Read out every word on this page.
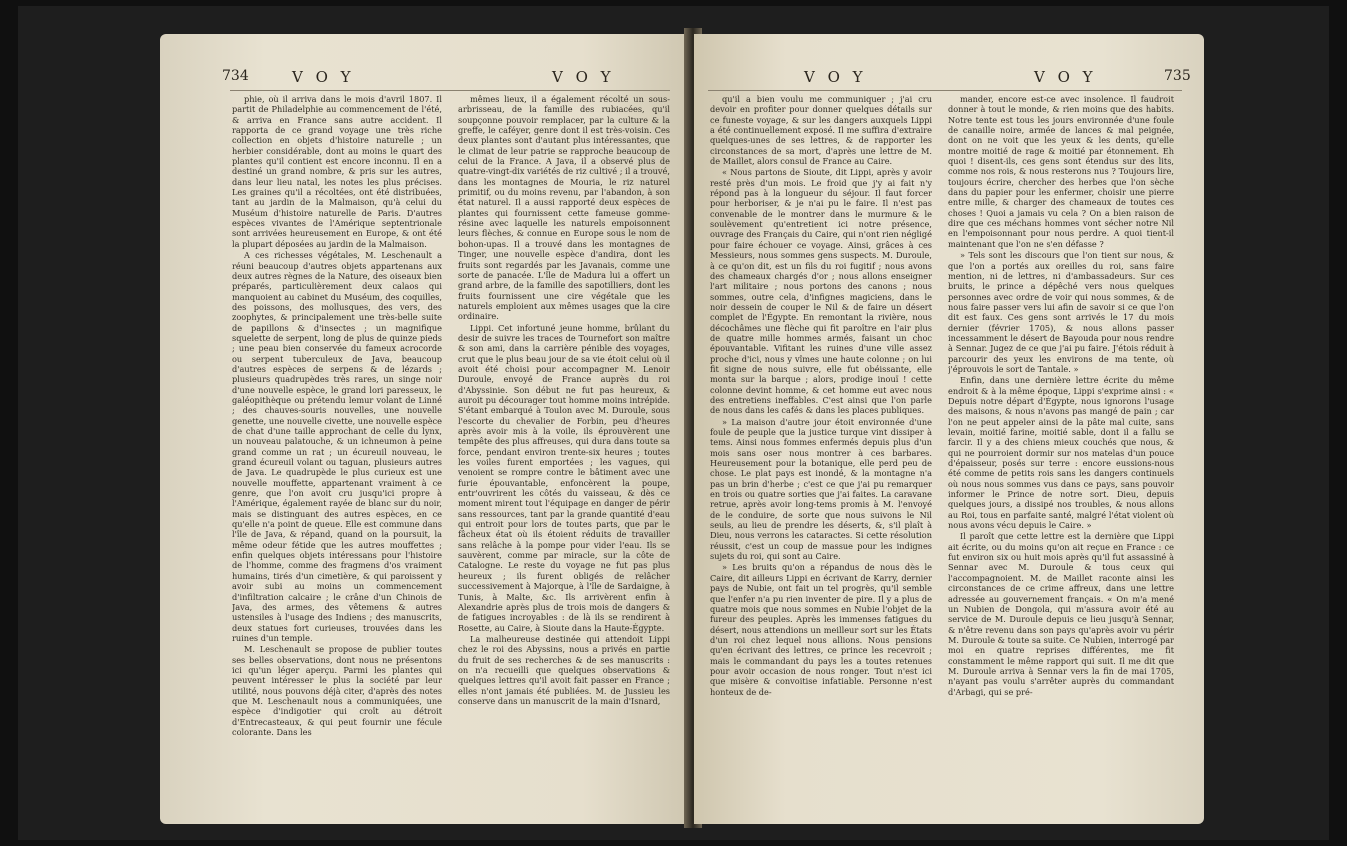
734	V O Y	V O Y

phie, où il arriva dans le mois d'avril 1807. Il partit de Philadelphie au commencement de l'été, & arriva en France sans autre accident. Il rapporta de ce grand voyage une très riche collection en objets d'histoire naturelle ; un herbier considérable, dont au moins le quart des plantes qu'il contient est encore inconnu. Il en a destiné un grand nombre, & pris sur les autres, dans leur lieu natal, les notes les plus précises. Les graines qu'il a récoltées, ont été distribuées, tant au jardin de la Malmaison, qu'à celui du Muséum d'histoire naturelle de Paris. D'autres espèces vivantes de l'Amérique septentrionale sont arrivées heureusement en Europe, & ont été la plupart déposées au jardin de la Malmaison.

A ces richesses végétales, M. Leschenault a réuni beaucoup d'autres objets appartenans aux deux autres règnes de la Nature, des oiseaux bien préparés, particulièrement deux calaos qui manquoient au cabinet du Muséum, des coquilles, des poissons, des mollusques, des vers, des zoophytes, & principalement une très-belle suite de papillons & d'insectes ; un magnifique squelette de serpent, long de plus de quinze pieds ; une peau bien conservée du fameux acrocorde ou serpent tuberculeux de Java, beaucoup d'autres espèces de serpens & de lézards ; plusieurs quadrupèdes très rares, un singe noir d'une nouvelle espèce, le grand lori paresseux, le galéopithèque ou prétendu lemur volant de Linné ; des chauves-souris nouvelles, une nouvelle genette, une nouvelle civette, une nouvelle espèce de chat d'une taille approchant de celle du lynx, un nouveau palatouche, & un ichneumon à peine grand comme un rat ; un écureuil nouveau, le grand écureuil volant ou taguan, plusieurs autres de Java. Le quadrupède le plus curieux est une nouvelle mouffette, appartenant vraiment à ce genre, que l'on avoit cru jusqu'ici propre à l'Amérique, également rayée de blanc sur du noir, mais se distinguant des autres espèces, en ce qu'elle n'a point de queue. Elle est commune dans l'île de Java, & répand, quand on la poursuit, la même odeur fétide que les autres mouffettes ; enfin quelques objets intéressans pour l'histoire de l'homme, comme des fragmens d'os vraiment humains, tirés d'un cimetière, & qui paroissent y avoir subi au moins un commencement d'infiltration calcaire ; le crâne d'un Chinois de Java, des armes, des vêtemens & autres ustensiles à l'usage des Indiens ; des manuscrits, deux statues fort curieuses, trouvées dans les ruines d'un temple.

M. Leschenault se propose de publier toutes ses belles observations, dont nous ne présentons ici qu'un léger aperçu. Parmi les plantes qui peuvent intéresser le plus la société par leur utilité, nous pouvons déjà citer, d'après des notes que M. Leschenault nous a communiquées, une espèce d'indigotier qui croît au détroit d'Entrecasteaux, & qui peut fournir une fécule colorante. Dans les

mêmes lieux, il a également récolté un sous-arbrisseau, de la famille des rubiacées, qu'il soupçonne pouvoir remplacer, par la culture & la greffe, le caféyer, genre dont il est très-voisin. Ces deux plantes sont d'autant plus intéressantes, que le climat de leur patrie se rapproche beaucoup de celui de la France. A Java, il a observé plus de quatre-vingt-dix variétés de riz cultivé ; il a trouvé, dans les montagnes de Mouria, le riz naturel primitif, ou du moins revenu, par l'abandon, à son état naturel. Il a aussi rapporté deux espèces de plantes qui fournissent cette fameuse gomme-résine avec laquelle les naturels empoisonnent leurs flèches, & connue en Europe sous le nom de bohon-upas. Il a trouvé dans les montagnes de Tinger, une nouvelle espèce d'andira, dont les fruits sont regardés par les Javanais, comme une sorte de panacée. L'île de Madura lui a offert un grand arbre, de la famille des sapotilliers, dont les fruits fournissent une cire végétale que les naturels emploient aux mêmes usages que la cire ordinaire.

Lippi. Cet infortuné jeune homme, brûlant du desir de suivre les traces de Tournefort son maître & son ami, dans la carrière pénible des voyages, crut que le plus beau jour de sa vie étoit celui où il avoit été choisi pour accompagner M. Lenoir Duroule, envoyé de France auprès du roi d'Abyssinie. Son début ne fut pas heureux, & auroit pu décourager tout homme moins intrépide. S'étant embarqué à Toulon avec M. Duroule, sous l'escorte du chevalier de Forbin, peu d'heures après avoir mis à la voile, ils éprouvèrent une tempête des plus affreuses, qui dura dans toute sa force, pendant environ trente-six heures ; toutes les voiles furent emportées ; les vagues, qui venoient se rompre contre le bâtiment avec une furie épouvantable, enfoncèrent la poupe, entr'ouvrirent les côtés du vaisseau, & dès ce moment mirent tout l'équipage en danger de périr sans ressources, tant par la grande quantité d'eau qui entroit pour lors de toutes parts, que par le fâcheux état où ils étoient réduits de travailler sans relâche à la pompe pour vider l'eau. Ils se sauvèrent, comme par miracle, sur la côte de Catalogne. Le reste du voyage ne fut pas plus heureux ; ils furent obligés de relâcher successivement à Majorque, à l'île de Sardaigne, à Tunis, à Malte, &c. Ils arrivèrent enfin à Alexandrie après plus de trois mois de dangers & de fatigues incroyables : de là ils se rendirent à Rosette, au Caire, à Sioute dans la Haute-Égypte.

La malheureuse destinée qui attendoit Lippi chez le roi des Abyssins, nous a privés en partie du fruit de ses recherches & de ses manuscrits : on n'a recueilli que quelques observations & quelques lettres qu'il avoit fait passer en France ; elles n'ont jamais été publiées. M. de Jussieu les conserve dans un manuscrit de la main d'Isnard,

V O Y	V O Y	735

qu'il a bien voulu me communiquer ; j'ai cru devoir en profiter pour donner quelques détails sur ce funeste voyage, & sur les dangers auxquels Lippi a été continuellement exposé. Il me suffira d'extraire quelques-unes de ses lettres, & de rapporter les circonstances de sa mort, d'après une lettre de M. de Maillet, alors consul de France au Caire.

« Nous partons de Sioute, dit Lippi, après y avoir resté près d'un mois. Le froid que j'y ai fait n'y répond pas à la longueur du séjour. Il faut forcer pour herboriser, & je n'ai pu le faire. Il n'est pas convenable de le montrer dans le murmure & le soulèvement qu'entretient ici notre présence, ouvrage des Français du Caire, qui n'ont rien négligé pour faire échouer ce voyage. Ainsi, grâces à ces Messieurs, nous sommes gens suspects. M. Duroule, à ce qu'on dit, est un fils du roi fugitif ; nous avons des chameaux chargés d'or ; nous allons enseigner l'art militaire ; nous portons des canons ; nous sommes, outre cela, d'infignes magiciens, dans le noir dessein de couper le Nil & de faire un désert complet de l'Égypte. En remontant la rivière, nous décochâmes une flèche qui fit paroître en l'air plus de quatre mille hommes armés, faisant un choc épouvantable. Vifitant les ruines d'une ville assez proche d'ici, nous y vîmes une haute colonne ; on lui fit signe de nous suivre, elle fut obéissante, elle monta sur la barque ; alors, prodige inouï ! cette colonne devint homme, & cet homme eut avec nous des entretiens ineffables. C'est ainsi que l'on parle de nous dans les cafés & dans les places publiques.

» La maison d'autre jour étoit environnée d'une foule de peuple que la justice turque vint dissiper à tems. Ainsi nous fommes enfermés depuis plus d'un mois sans oser nous montrer à ces barbares. Heureusement pour la botanique, elle perd peu de chose. Le plat pays est inondé, & la montagne n'a pas un brin d'herbe ; c'est ce que j'ai pu remarquer en trois ou quatre sorties que j'ai faites. La caravane retrue, après avoir long-tems promis à M. l'envoyé de le conduire, de sorte que nous suivons le Nil seuls, au lieu de prendre les déserts, &, s'il plaît à Dieu, nous verrons les cataractes. Si cette résolution réussit, c'est un coup de massue pour les indignes sujets du roi, qui sont au Caire.

» Les bruits qu'on a répandus de nous dès le Caire, dit ailleurs Lippi en écrivant de Karry, dernier pays de Nubie, ont fait un tel progrès, qu'il semble que l'enfer n'a pu rien inventer de pire. Il y a plus de quatre mois que nous sommes en Nubie l'objet de la fureur des peuples. Après les immenses fatigues du désert, nous attendions un meilleur sort sur les États d'un roi chez lequel nous allions. Nous pensions qu'en écrivant des lettres, ce prince les recevroit ; mais le commandant du pays les a toutes retenues pour avoir occasion de nous ronger. Tout n'est ici que misère & convoitise infatiable. Personne n'est honteux de de-

mander, encore est-ce avec insolence. Il faudroit donner à tout le monde, & rien moins que des habits. Notre tente est tous les jours environnée d'une foule de canaille noire, armée de lances & mal peignée, dont on ne voit que les yeux & les dents, qu'elle montre moitié de rage & moitié par étonnement. Eh quoi ! disent-ils, ces gens sont étendus sur des lits, comme nos rois, & nous resterons nus ? Toujours lire, toujours écrire, chercher des herbes que l'on sèche dans du papier pour les enfermer, choisir une pierre entre mille, & charger des chameaux de toutes ces choses ! Quoi a jamais vu cela ? On a bien raison de dire que ces méchans hommes vont sécher notre Nil en l'empoisonnant pour nous perdre. A quoi tient-il maintenant que l'on ne s'en défasse ?

» Tels sont les discours que l'on tient sur nous, & que l'on a portés aux oreilles du roi, sans faire mention, ni de lettres, ni d'ambassadeurs. Sur ces bruits, le prince a dépêché vers nous quelques personnes avec ordre de voir qui nous sommes, & de nous faire passer vers lui afin de savoir si ce que l'on dit est faux. Ces gens sont arrivés le 17 du mois dernier (février 1705), & nous allons passer incessamment le désert de Bayouda pour nous rendre à Sennar. Jugez de ce que j'ai pu faire. J'étois réduit à parcourir des yeux les environs de ma tente, où j'éprouvois le sort de Tantale. »

Enfin, dans une dernière lettre écrite du même endroit & à la même époque, Lippi s'exprime ainsi : « Depuis notre départ d'Égypte, nous ignorons l'usage des maisons, & nous n'avons pas mangé de pain ; car l'on ne peut appeler ainsi de la pâte mal cuite, sans levain, moitié farine, moitié sable, dont il a fallu se farcir. Il y a des chiens mieux couchés que nous, & qui ne pourroient dormir sur nos matelas d'un pouce d'épaisseur, posés sur terre : encore eussions-nous été comme de petits rois sans les dangers continuels où nous nous sommes vus dans ce pays, sans pouvoir informer le Prince de notre sort. Dieu, depuis quelques jours, a dissipé nos troubles, & nous allons au Roi, tous en parfaite santé, malgré l'état violent où nous avons vécu depuis le Caire. »

Il paroît que cette lettre est la dernière que Lippi ait écrite, ou du moins qu'on ait reçue en France : ce fut environ six ou huit mois après qu'il fut assassiné à Sennar avec M. Duroule & tous ceux qui l'accompagnoient. M. de Maillet raconte ainsi les circonstances de ce crime affreux, dans une lettre adressée au gouvernement français. « On m'a mené un Nubien de Dongola, qui m'assura avoir été au service de M. Duroule depuis ce lieu jusqu'à Sennar, & n'être revenu dans son pays qu'après avoir vu périr M. Duroule & toute sa suite. Ce Nubien, interrogé par moi en quatre reprises différentes, me fit constamment le même rapport qui suit. Il me dit que M. Duroule arriva à Sennar vers la fin de mai 1705, n'ayant pas voulu s'arrêter auprès du commandant d'Arbagi, qui se pré-
